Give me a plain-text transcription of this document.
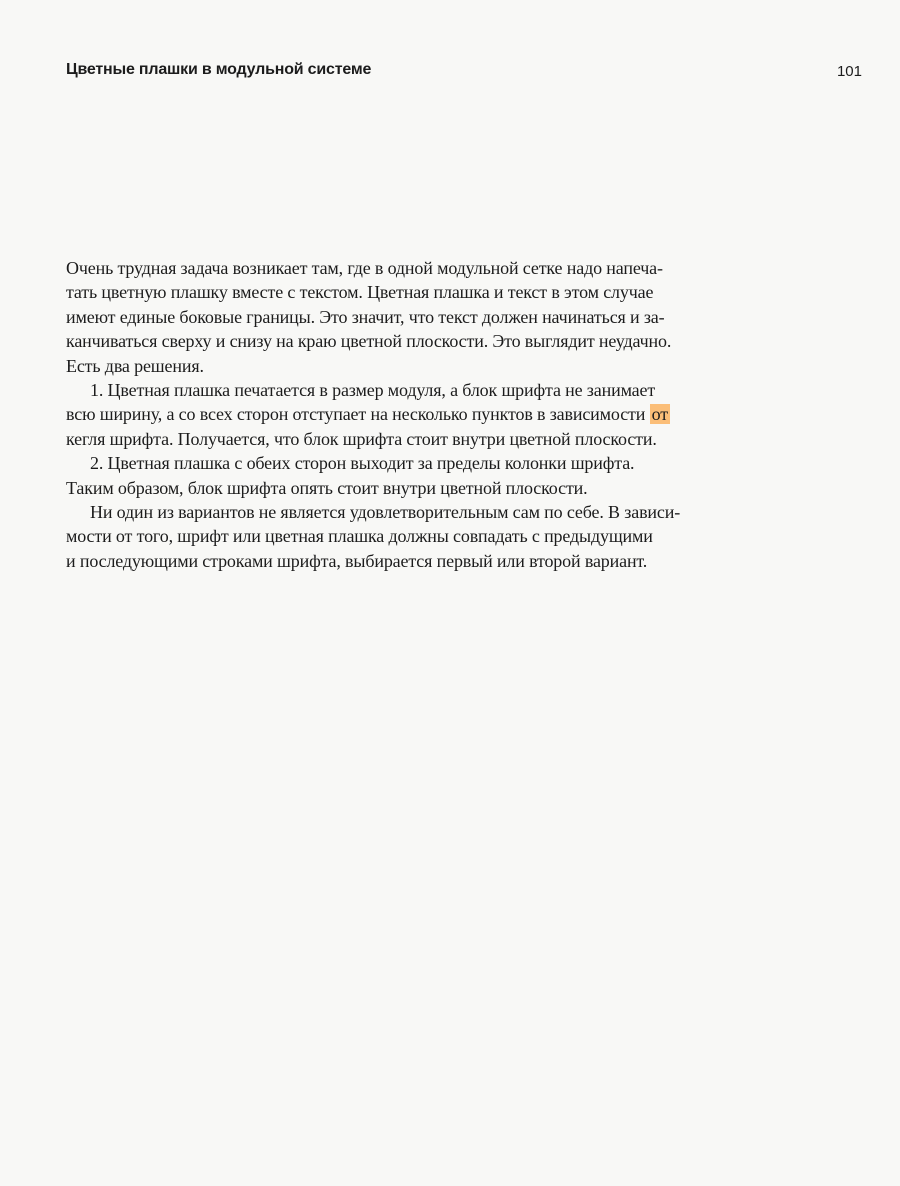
Цветные плашки в модульной системе	101
Очень трудная задача возникает там, где в одной модульной сетке надо напеча-
тать цветную плашку вместе с текстом. Цветная плашка и текст в этом случае
имеют единые боковые границы. Это значит, что текст должен начинаться и за-
канчиваться сверху и снизу на краю цветной плоскости. Это выглядит неудачно.
Есть два решения.
1. Цветная плашка печатается в размер модуля, а блок шрифта не занимает
всю ширину, а со всех сторон отступает на несколько пунктов в зависимости от
кегля шрифта. Получается, что блок шрифта стоит внутри цветной плоскости.
2. Цветная плашка с обеих сторон выходит за пределы колонки шрифта.
Таким образом, блок шрифта опять стоит внутри цветной плоскости.
Ни один из вариантов не является удовлетворительным сам по себе. В зависи-
мости от того, шрифт или цветная плашка должны совпадать с предыдущими
и последующими строками шрифта, выбирается первый или второй вариант.
